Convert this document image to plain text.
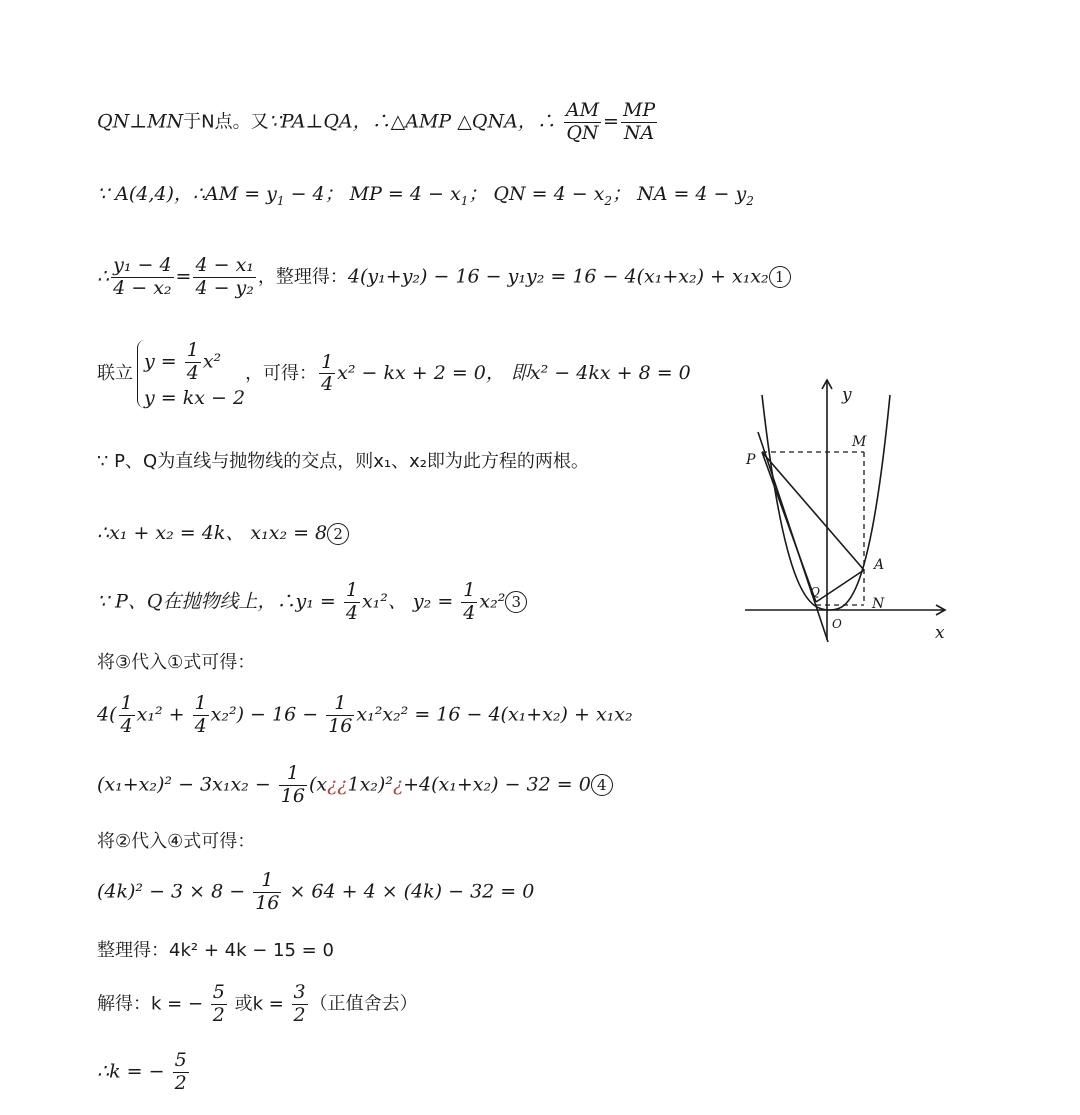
QN⊥MN于N点。又∵PA⊥QA，∴△AMP △QNA，∴ $\frac{AM}{QN} = \frac{MP}{NA}$
∵ A(4,4)，∴AM = $y_1 - 4$； MP = $4 - x_1$； QN = $4 - x_2$； NA = $4 - y_2$
∴ $\frac{\text{y₁ − 4}}{\text{4 − x₂}} = \frac{\text{4 − x₁}}{\text{4 − y₂}}$ ，整理得：4(y₁+y₂) − 16 − y₁y₂ = 16 − 4(x₁+x₂) + x₁x₂ 1
联立
$y = \frac{1}{4} x^2$
y = kx − 2
，可得： $\frac{1}{4} x^2$ − kx + 2 = 0， 即x² − 4kx + 8 = 0
∵ P、Q为直线与抛物线的交点，则x₁、x₂即为此方程的两根。
∴x₁ + x₂ = 4k、 x₁x₂ = 8 2
∵ P、Q在抛物线上，∴y₁ = $\frac{1}{4} x_1^2$、 $y_2 = \frac{1}{4} x_2^2$ 3
将③代入①式可得：
$4( \frac{1}{4} x_1^2 + \frac{1}{4} x_2^2) - 16 - \frac{1}{16} x_1^2x_2^2 = 16 - 4(x_1+x_2) + x_1x_2$
$(x_1+x_2)^2 - 3x_1x_2 - \frac{1}{16}$ (x¿¿1x₂)²¿+4(x₁+x₂) − 32 = 0 4
将②代入④式可得：
$(4k)^2 - 3 \times 8 - \frac{1}{16} \times 64 + 4 \times (4k) - 32 = 0$
整理得：4k² + 4k − 15 = 0
解得：k = − $\frac{5}{2}$ 或$k = \frac{3}{2}$ （正值舍去）
∴k = − $\frac{5}{2}$
y
x
M
P
A
Q
N
O
